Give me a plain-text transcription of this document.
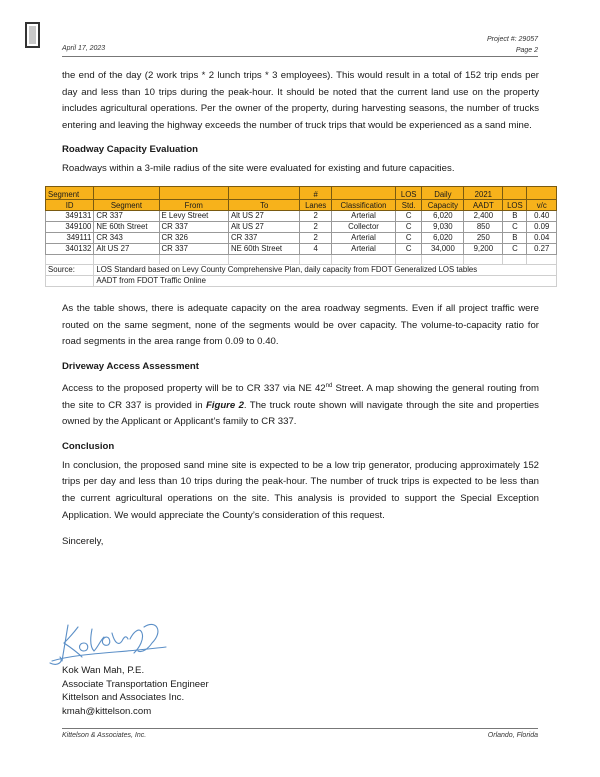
April 17, 2023
Project #: 29057
Page 2

the end of the day (2 work trips * 2 lunch trips * 3 employees). This would result in a total of 152 trip ends per day and less than 10 trips during the peak-hour. It should be noted that the current land use on the property includes agricultural operations. Per the owner of the property, during harvesting seasons, the number of trucks entering and leaving the highway exceeds the number of truck trips that would be experienced as a sand mine.

Roadway Capacity Evaluation

Roadways within a 3-mile radius of the site were evaluated for existing and future capacities.

Segment				#		LOS	Daily	2021		
ID	Segment	From	To	Lanes	Classification	Std.	Capacity	AADT	LOS	v/c
349131	CR 337	E Levy Street	Alt US 27	2	Arterial	C	6,020	2,400	B	0.40
349100	NE 60th Street	CR 337	Alt US 27	2	Collector	C	9,030	850	C	0.09
349111	CR 343	CR 326	CR 337	2	Arterial	C	6,020	250	B	0.04
340132	Alt US 27	CR 337	NE 60th Street	4	Arterial	C	34,000	9,200	C	0.27

Source:	LOS Standard based on Levy County Comprehensive Plan, daily capacity from FDOT Generalized LOS tables									
	AADT from FDOT Traffic Online									

As the table shows, there is adequate capacity on the area roadway segments. Even if all project traffic were routed on the same segment, none of the segments would be over capacity. The volume-to-capacity ratio for road segments in the area range from 0.09 to 0.40.

Driveway Access Assessment

Access to the proposed property will be to CR 337 via NE 42nd Street. A map showing the general routing from the site to CR 337 is provided in Figure 2. The truck route shown will navigate through the site and properties owned by the Applicant or Applicant’s family to CR 337.

Conclusion

In conclusion, the proposed sand mine site is expected to be a low trip generator, producing approximately 152 trips per day and less than 10 trips during the peak-hour. The number of truck trips is expected to be less than the current agricultural operations on the site. This analysis is provided to support the Special Exception Application. We would appreciate the County’s consideration of this request.

Sincerely,

Kok Wan Mah, P.E.
Associate Transportation Engineer
Kittelson and Associates Inc.
kmah@kittelson.com
Kittelson & Associates, Inc.	Orlando, Florida
